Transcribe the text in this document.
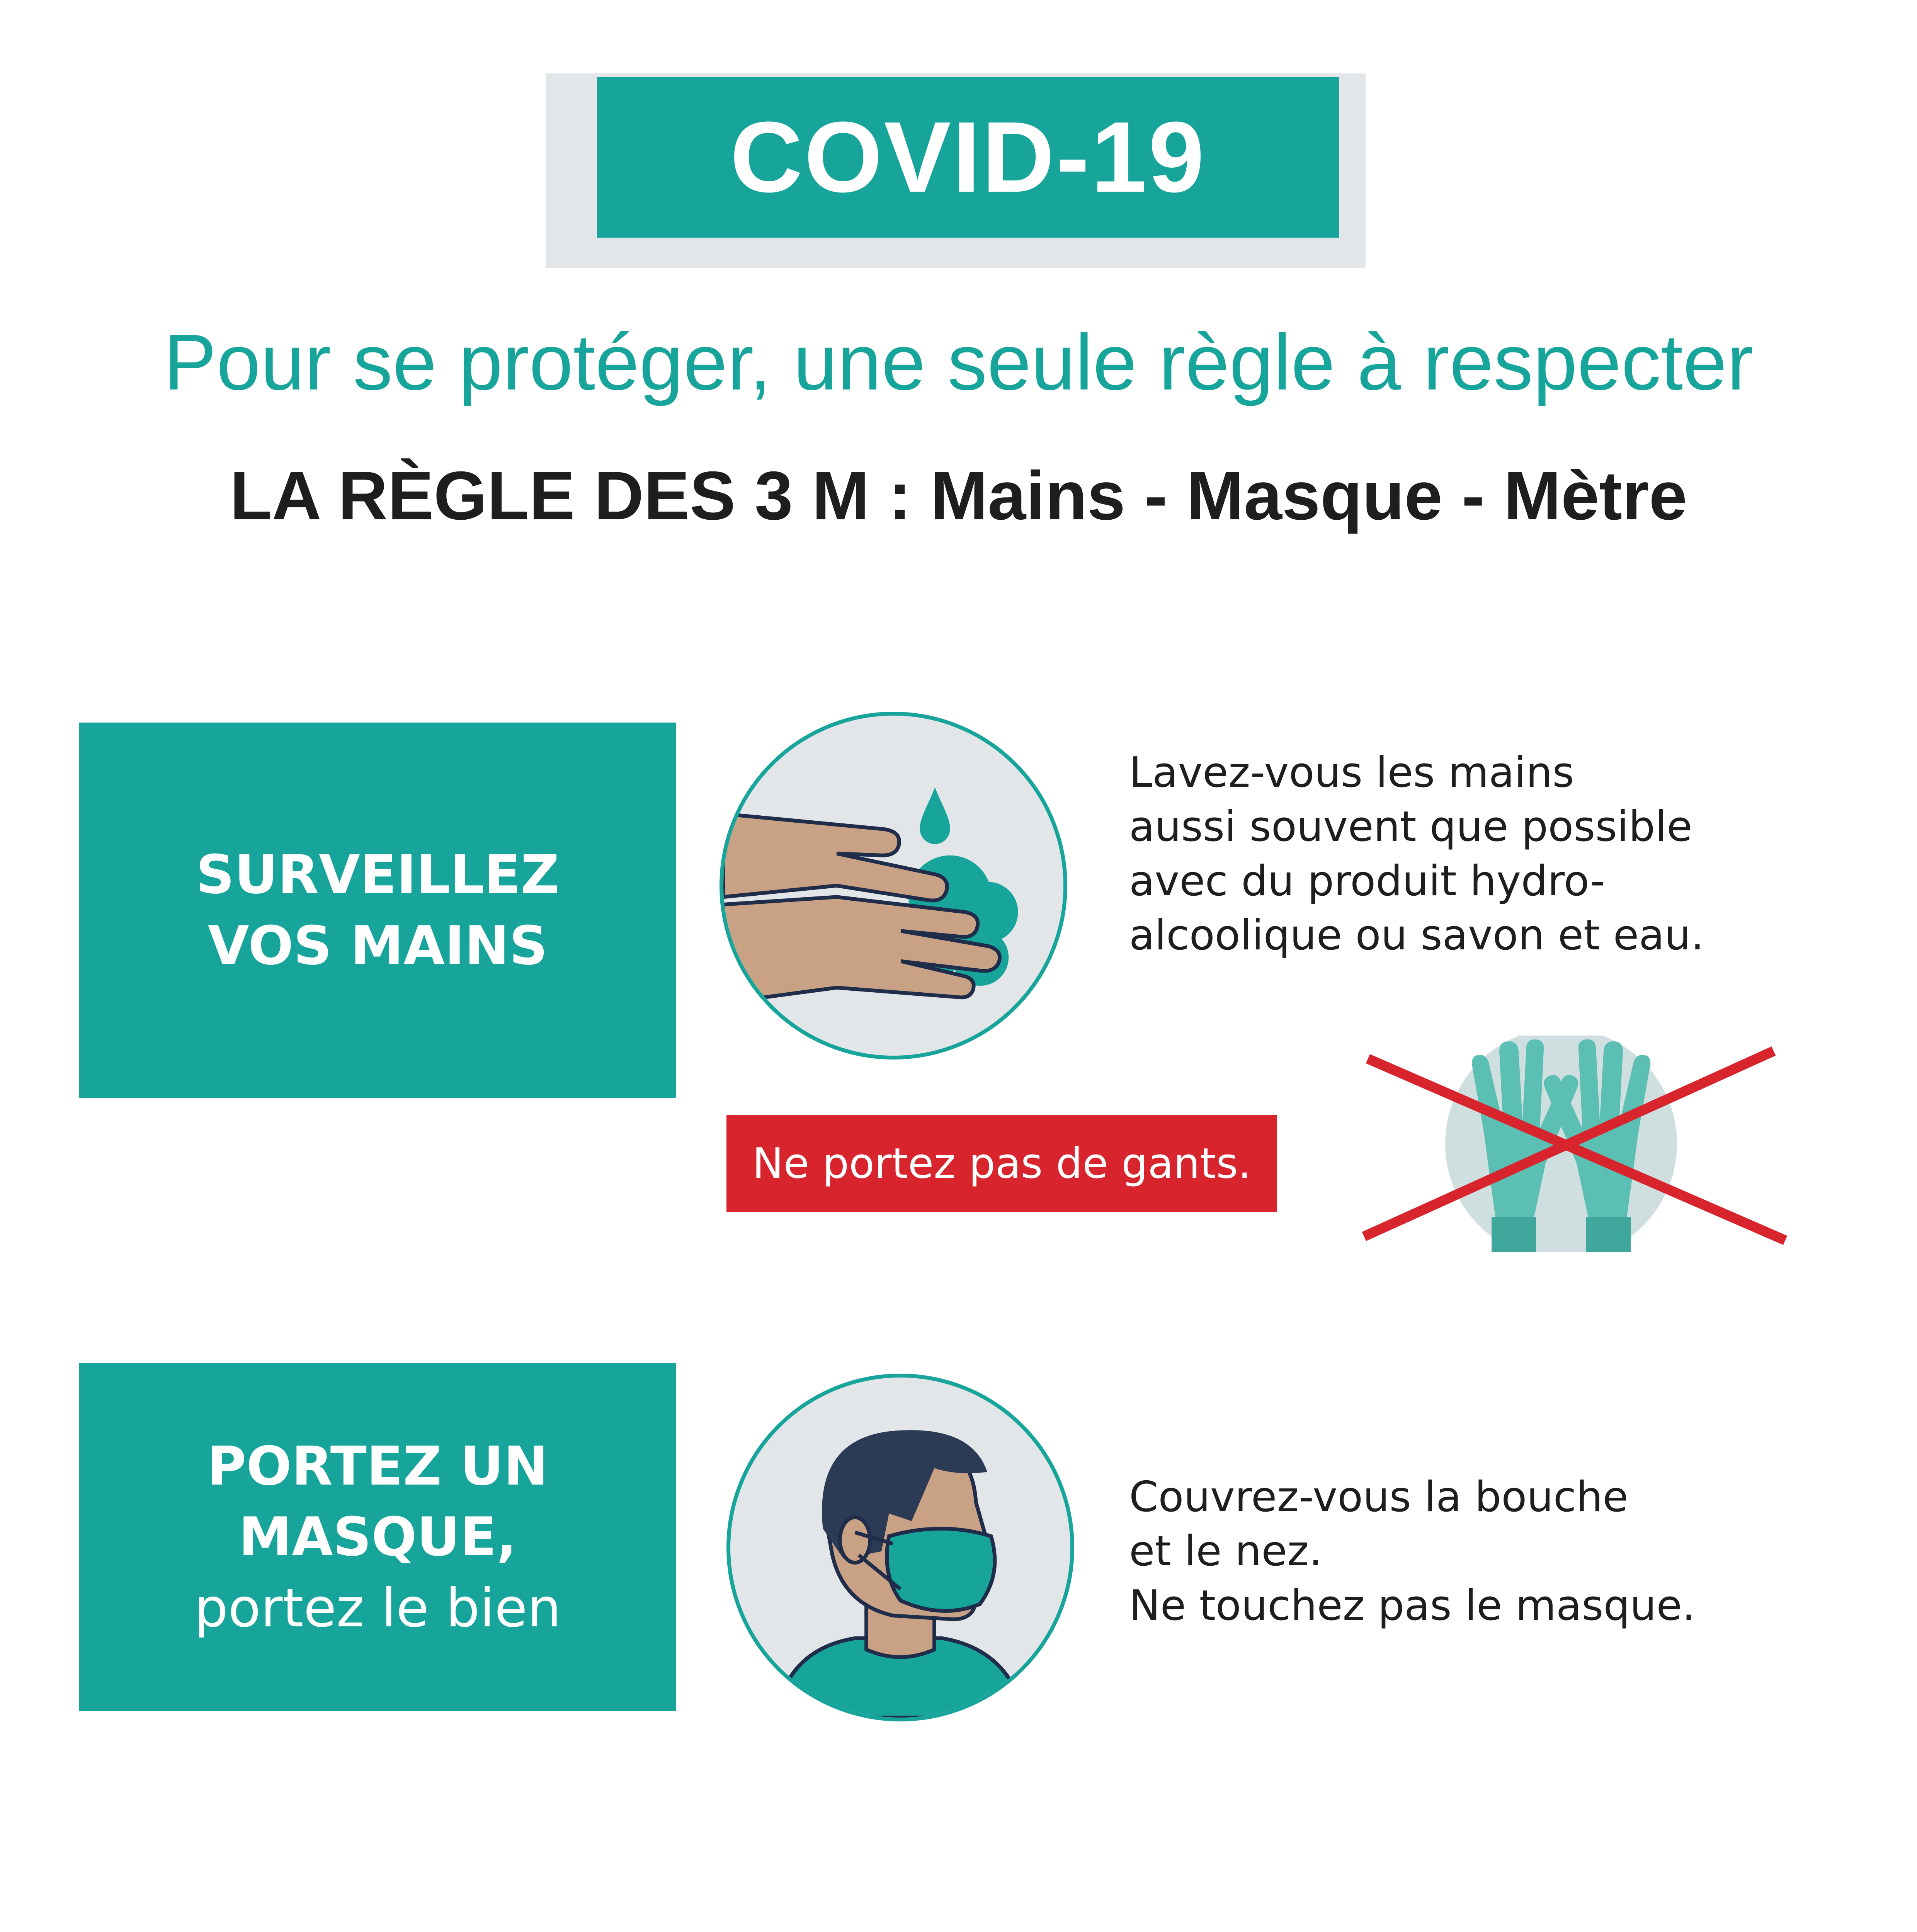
COVID-19
Pour se protéger, une seule règle à respecter
LA RÈGLE DES 3 M : Mains - Masque - Mètre
SURVEILLEZ
VOS MAINS
Lavez-vous les mains
aussi souvent que possible
avec du produit hydro-
alcoolique ou savon et eau.
Ne portez pas de gants.
PORTEZ UN
MASQUE,
portez le bien
Couvrez-vous la bouche
et le nez.
Ne touchez pas le masque.
